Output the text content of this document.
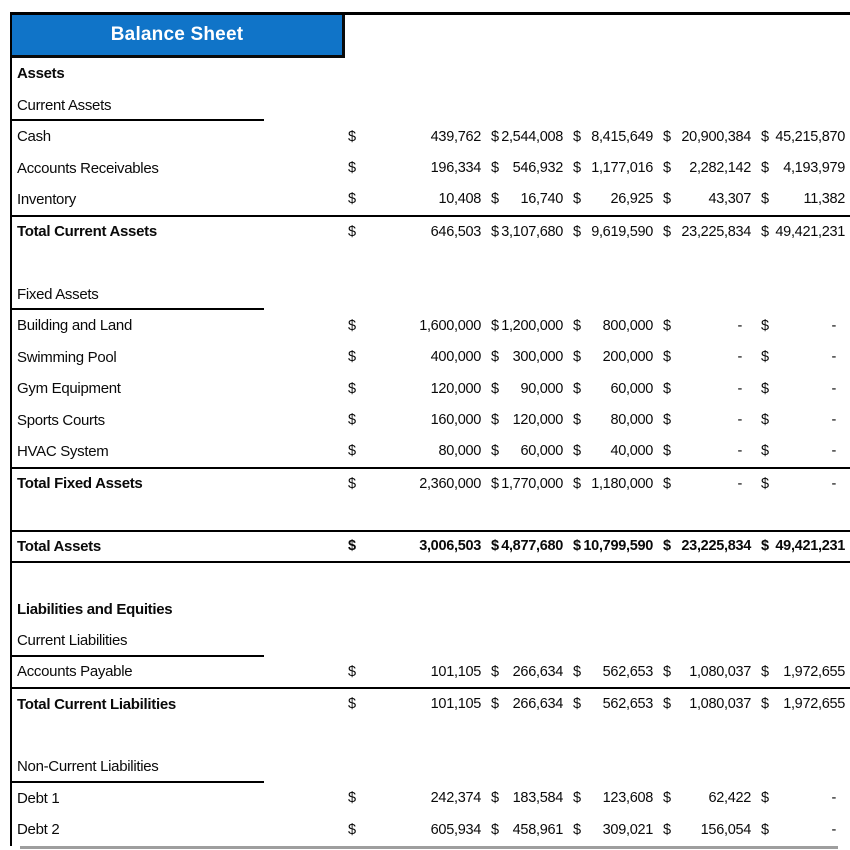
Balance Sheet
Assets					
Current Assets					
Cash	$ 439,762	$ 2,544,008	$ 8,415,649	$ 20,900,384	$ 45,215,870

Accounts Receivables	$ 196,334	$ 546,932	$ 1,177,016	$ 2,282,142	$ 4,193,979

Inventory	$ 10,408	$ 16,740	$ 26,925	$ 43,307	$ 11,382

Total Current Assets	$ 646,503	$ 3,107,680	$ 9,619,590	$ 23,225,834	$ 49,421,231

Fixed Assets					
Building and Land	$ 1,600,000	$ 1,200,000	$ 800,000	$ -	$ -

Swimming Pool	$ 400,000	$ 300,000	$ 200,000	$ -	$ -

Gym Equipment	$ 120,000	$ 90,000	$ 60,000	$ -	$ -

Sports Courts	$ 160,000	$ 120,000	$ 80,000	$ -	$ -

HVAC System	$ 80,000	$ 60,000	$ 40,000	$ -	$ -

Total Fixed Assets	$ 2,360,000	$ 1,770,000	$ 1,180,000	$ -	$ -

Total Assets	$ 3,006,503	$ 4,877,680	$ 10,799,590	$ 23,225,834	$ 49,421,231

Liabilities and Equities					
Current Liabilities					
Accounts Payable	$ 101,105	$ 266,634	$ 562,653	$ 1,080,037	$ 1,972,655

Total Current Liabilities	$ 101,105	$ 266,634	$ 562,653	$ 1,080,037	$ 1,972,655

Non-Current Liabilities					
Debt 1	$ 242,374	$ 183,584	$ 123,608	$ 62,422	$ -

Debt 2	$ 605,934	$ 458,961	$ 309,021	$ 156,054	$ -
